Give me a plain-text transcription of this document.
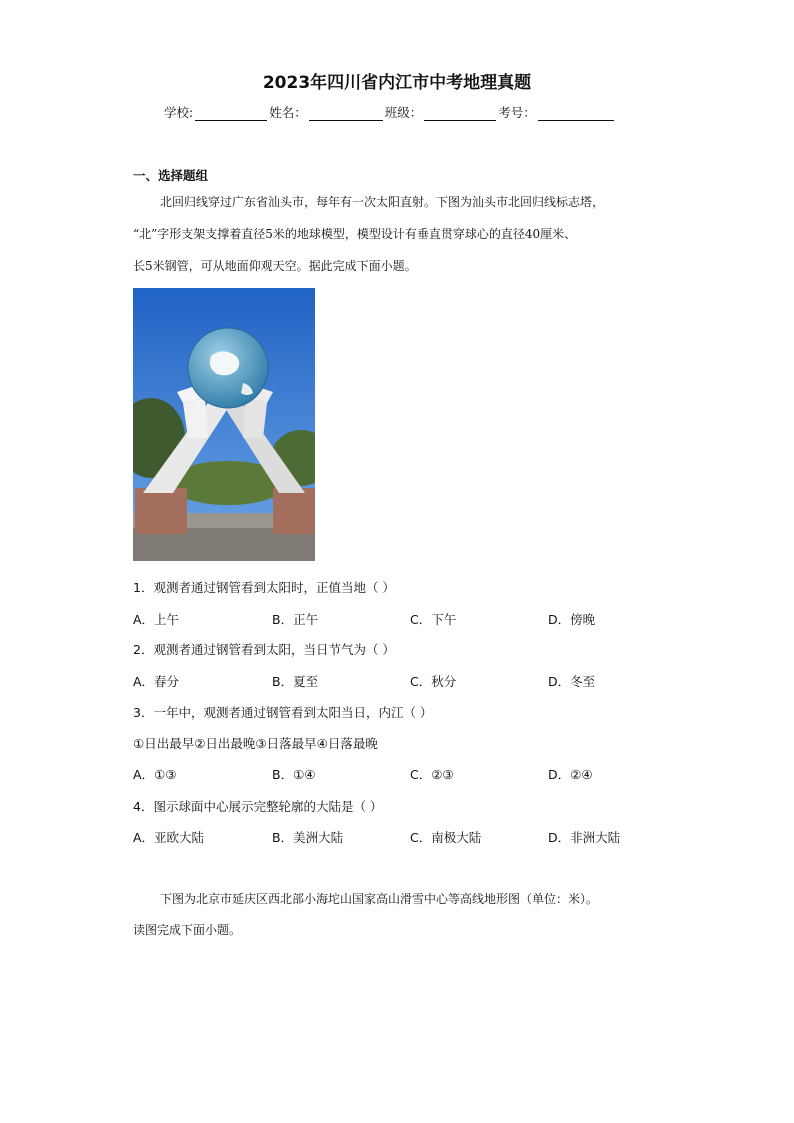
2023年四川省内江市中考地理真题
学校:	姓名：	班级：	考号：
一、选择题组
北回归线穿过广东省汕头市，每年有一次太阳直射。下图为汕头市北回归线标志塔，
“北”字形支架支撑着直径5米的地球模型，模型设计有垂直贯穿球心的直径40厘米、
长5米钢管，可从地面仰观天空。据此完成下面小题。
1．观测者通过钢管看到太阳时，正值当地（ ）
A．上午	B．正午	C．下午	D．傍晚
2．观测者通过钢管看到太阳，当日节气为（ ）
A．春分	B．夏至	C．秋分	D．冬至
3．一年中，观测者通过钢管看到太阳当日，内江（ ）
①日出最早②日出最晚③日落最早④日落最晚
A．①③	B．①④	C．②③	D．②④
4．图示球面中心展示完整轮廓的大陆是（ ）
A．亚欧大陆	B．美洲大陆	C．南极大陆	D．非洲大陆
下图为北京市延庆区西北部小海坨山国家高山滑雪中心等高线地形图（单位：米）。
读图完成下面小题。
